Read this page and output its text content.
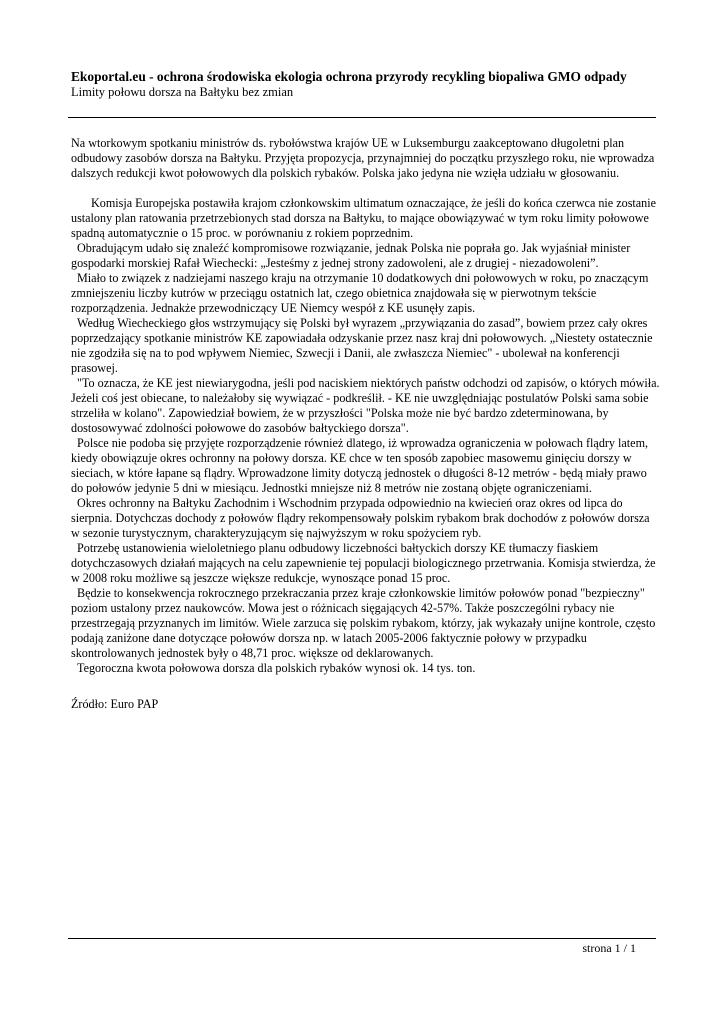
Ekoportal.eu - ochrona środowiska ekologia ochrona przyrody recykling biopaliwa GMO odpady
Limity połowu dorsza na Bałtyku bez zmian

Na wtorkowym spotkaniu ministrów ds. rybołówstwa krajów UE w Luksemburgu zaakceptowano długoletni plan odbudowy zasobów dorsza na Bałtyku. Przyjęta propozycja, przynajmniej do początku przyszłego roku, nie wprowadza dalszych redukcji kwot połowowych dla polskich rybaków. Polska jako jedyna nie wzięła udziału w głosowaniu.

Komisja Europejska postawiła krajom członkowskim ultimatum oznaczające, że jeśli do końca czerwca nie zostanie ustalony plan ratowania przetrzebionych stad dorsza na Bałtyku, to mające obowiązywać w tym roku limity połowowe spadną automatycznie o 15 proc. w porównaniu z rokiem poprzednim.

Obradującym udało się znaleźć kompromisowe rozwiązanie, jednak Polska nie poprała go. Jak wyjaśniał minister gospodarki morskiej Rafał Wiechecki: „Jesteśmy z jednej strony zadowoleni, ale z drugiej - niezadowoleni”.

Miało to związek z nadziejami naszego kraju na otrzymanie 10 dodatkowych dni połowowych w roku, po znaczącym zmniejszeniu liczby kutrów w przeciągu ostatnich lat, czego obietnica znajdowała się w pierwotnym tekście rozporządzenia. Jednakże przewodniczący UE Niemcy wespół z KE usunęły zapis.

Według Wiecheckiego głos wstrzymujący się Polski był wyrazem „przywiązania do zasad”, bowiem przez cały okres poprzedzający spotkanie ministrów KE zapowiadała odzyskanie przez nasz kraj dni połowowych. „Niestety ostatecznie nie zgodziła się na to pod wpływem Niemiec, Szwecji i Danii, ale zwłaszcza Niemiec" - ubolewał na konferencji prasowej.

"To oznacza, że KE jest niewiarygodna, jeśli pod naciskiem niektórych państw odchodzi od zapisów, o których mówiła. Jeżeli coś jest obiecane, to należałoby się wywiązać - podkreślił. - KE nie uwzględniając postulatów Polski sama sobie strzeliła w kolano". Zapowiedział bowiem, że w przyszłości "Polska może nie być bardzo zdeterminowana, by dostosowywać zdolności połowowe do zasobów bałtyckiego dorsza".

Polsce nie podoba się przyjęte rozporządzenie również dlatego, iż wprowadza ograniczenia w połowach flądry latem, kiedy obowiązuje okres ochronny na połowy dorsza. KE chce w ten sposób zapobiec masowemu ginięciu dorszy w sieciach, w które łapane są flądry. Wprowadzone limity dotyczą jednostek o długości 8-12 metrów - będą miały prawo do połowów jedynie 5 dni w miesiącu. Jednostki mniejsze niż 8 metrów nie zostaną objęte ograniczeniami.

Okres ochronny na Bałtyku Zachodnim i Wschodnim przypada odpowiednio na kwiecień oraz okres od lipca do sierpnia. Dotychczas dochody z połowów flądry rekompensowały polskim rybakom brak dochodów z połowów dorsza w sezonie turystycznym, charakteryzującym się najwyższym w roku spożyciem ryb.

Potrzebę ustanowienia wieloletniego planu odbudowy liczebności bałtyckich dorszy KE tłumaczy fiaskiem dotychczasowych działań mających na celu zapewnienie tej populacji biologicznego przetrwania. Komisja stwierdza, że w 2008 roku możliwe są jeszcze większe redukcje, wynoszące ponad 15 proc.

Będzie to konsekwencja rokrocznego przekraczania przez kraje członkowskie limitów połowów ponad "bezpieczny" poziom ustalony przez naukowców. Mowa jest o różnicach sięgających 42-57%. Także poszczególni rybacy nie przestrzegają przyznanych im limitów. Wiele zarzuca się polskim rybakom, którzy, jak wykazały unijne kontrole, często podają zaniżone dane dotyczące połowów dorsza np. w latach 2005-2006 faktycznie połowy w przypadku skontrolowanych jednostek były o 48,71 proc. większe od deklarowanych.

Tegoroczna kwota połowowa dorsza dla polskich rybaków wynosi ok. 14 tys. ton.

Źródło: Euro PAP
strona 1 / 1
